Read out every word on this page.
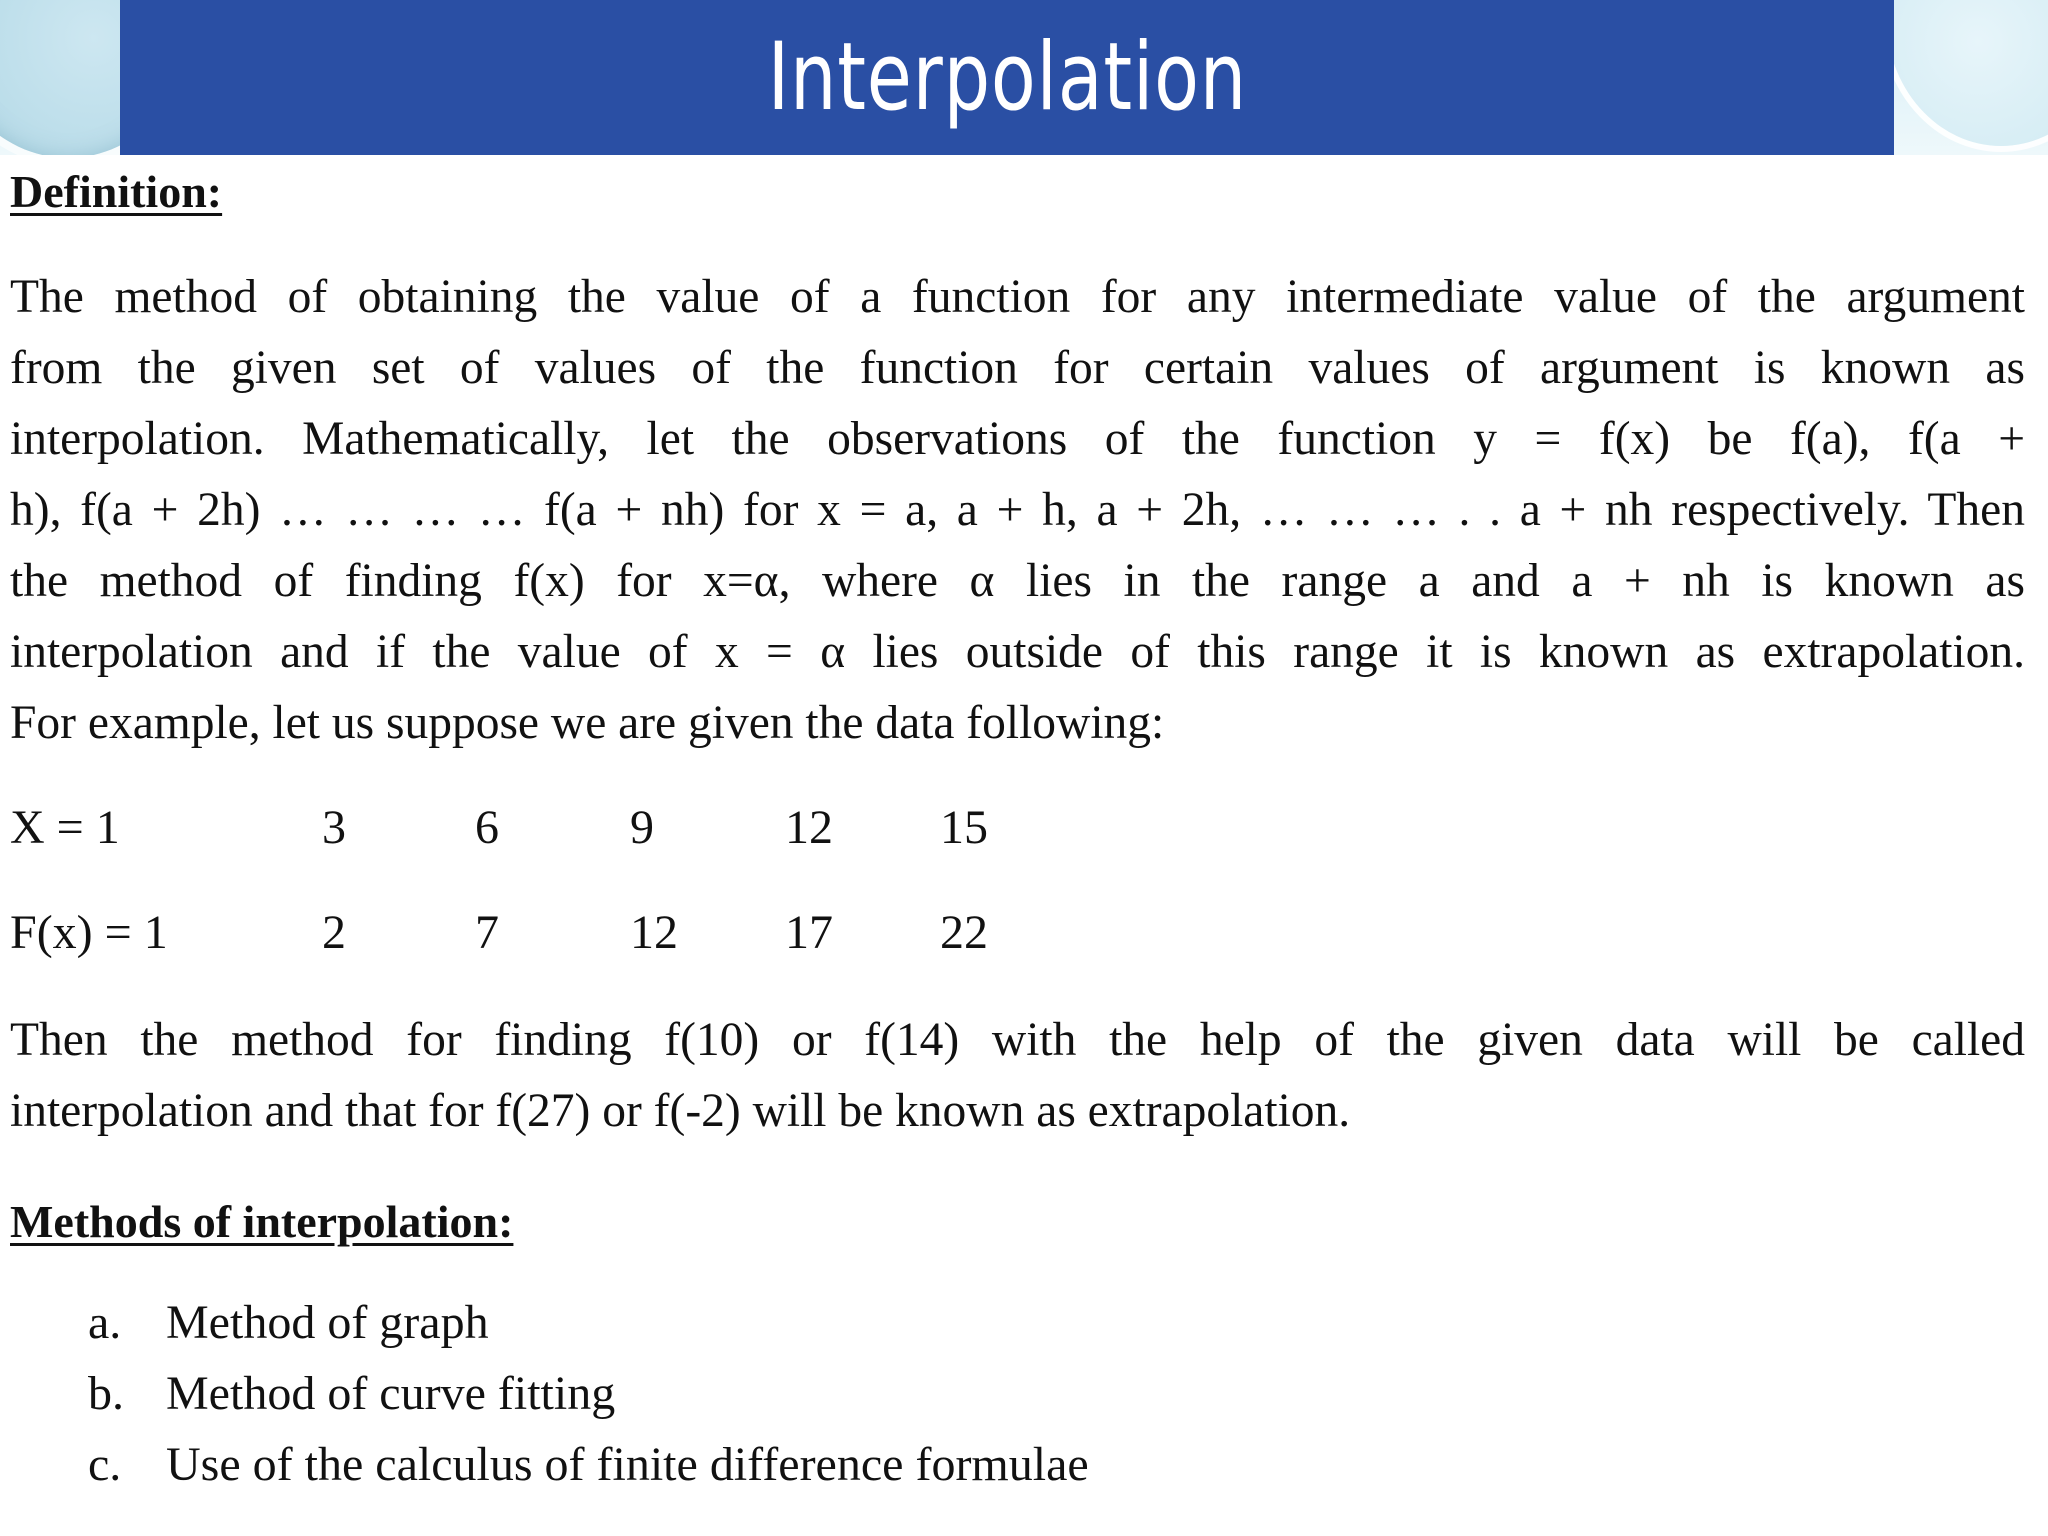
Interpolation
Definition:
The method of obtaining the value of a function for any intermediate value of the argument
from the given set of values of the function for certain values of argument is known as
interpolation. Mathematically, let the observations of the function y = f(x) be f(a), f(a +
h), f(a + 2h) … … … … f(a + nh) for x = a, a + h, a + 2h, … … … . . a + nh respectively. Then
the method of finding f(x) for x=α, where α lies in the range a and a + nh is known as
interpolation and if the value of x = α lies outside of this range it is known as extrapolation.
For example, let us suppose we are given the data following:
X = 1	3	6	9	12 15
F(x) = 1	2	7	12 17 22
Then the method for finding f(10) or f(14) with the help of the given data will be called
interpolation and that for f(27) or f(-2) will be known as extrapolation.
Methods of interpolation:
a. Method of graph
b. Method of curve fitting
c. Use of the calculus of finite difference formulae
